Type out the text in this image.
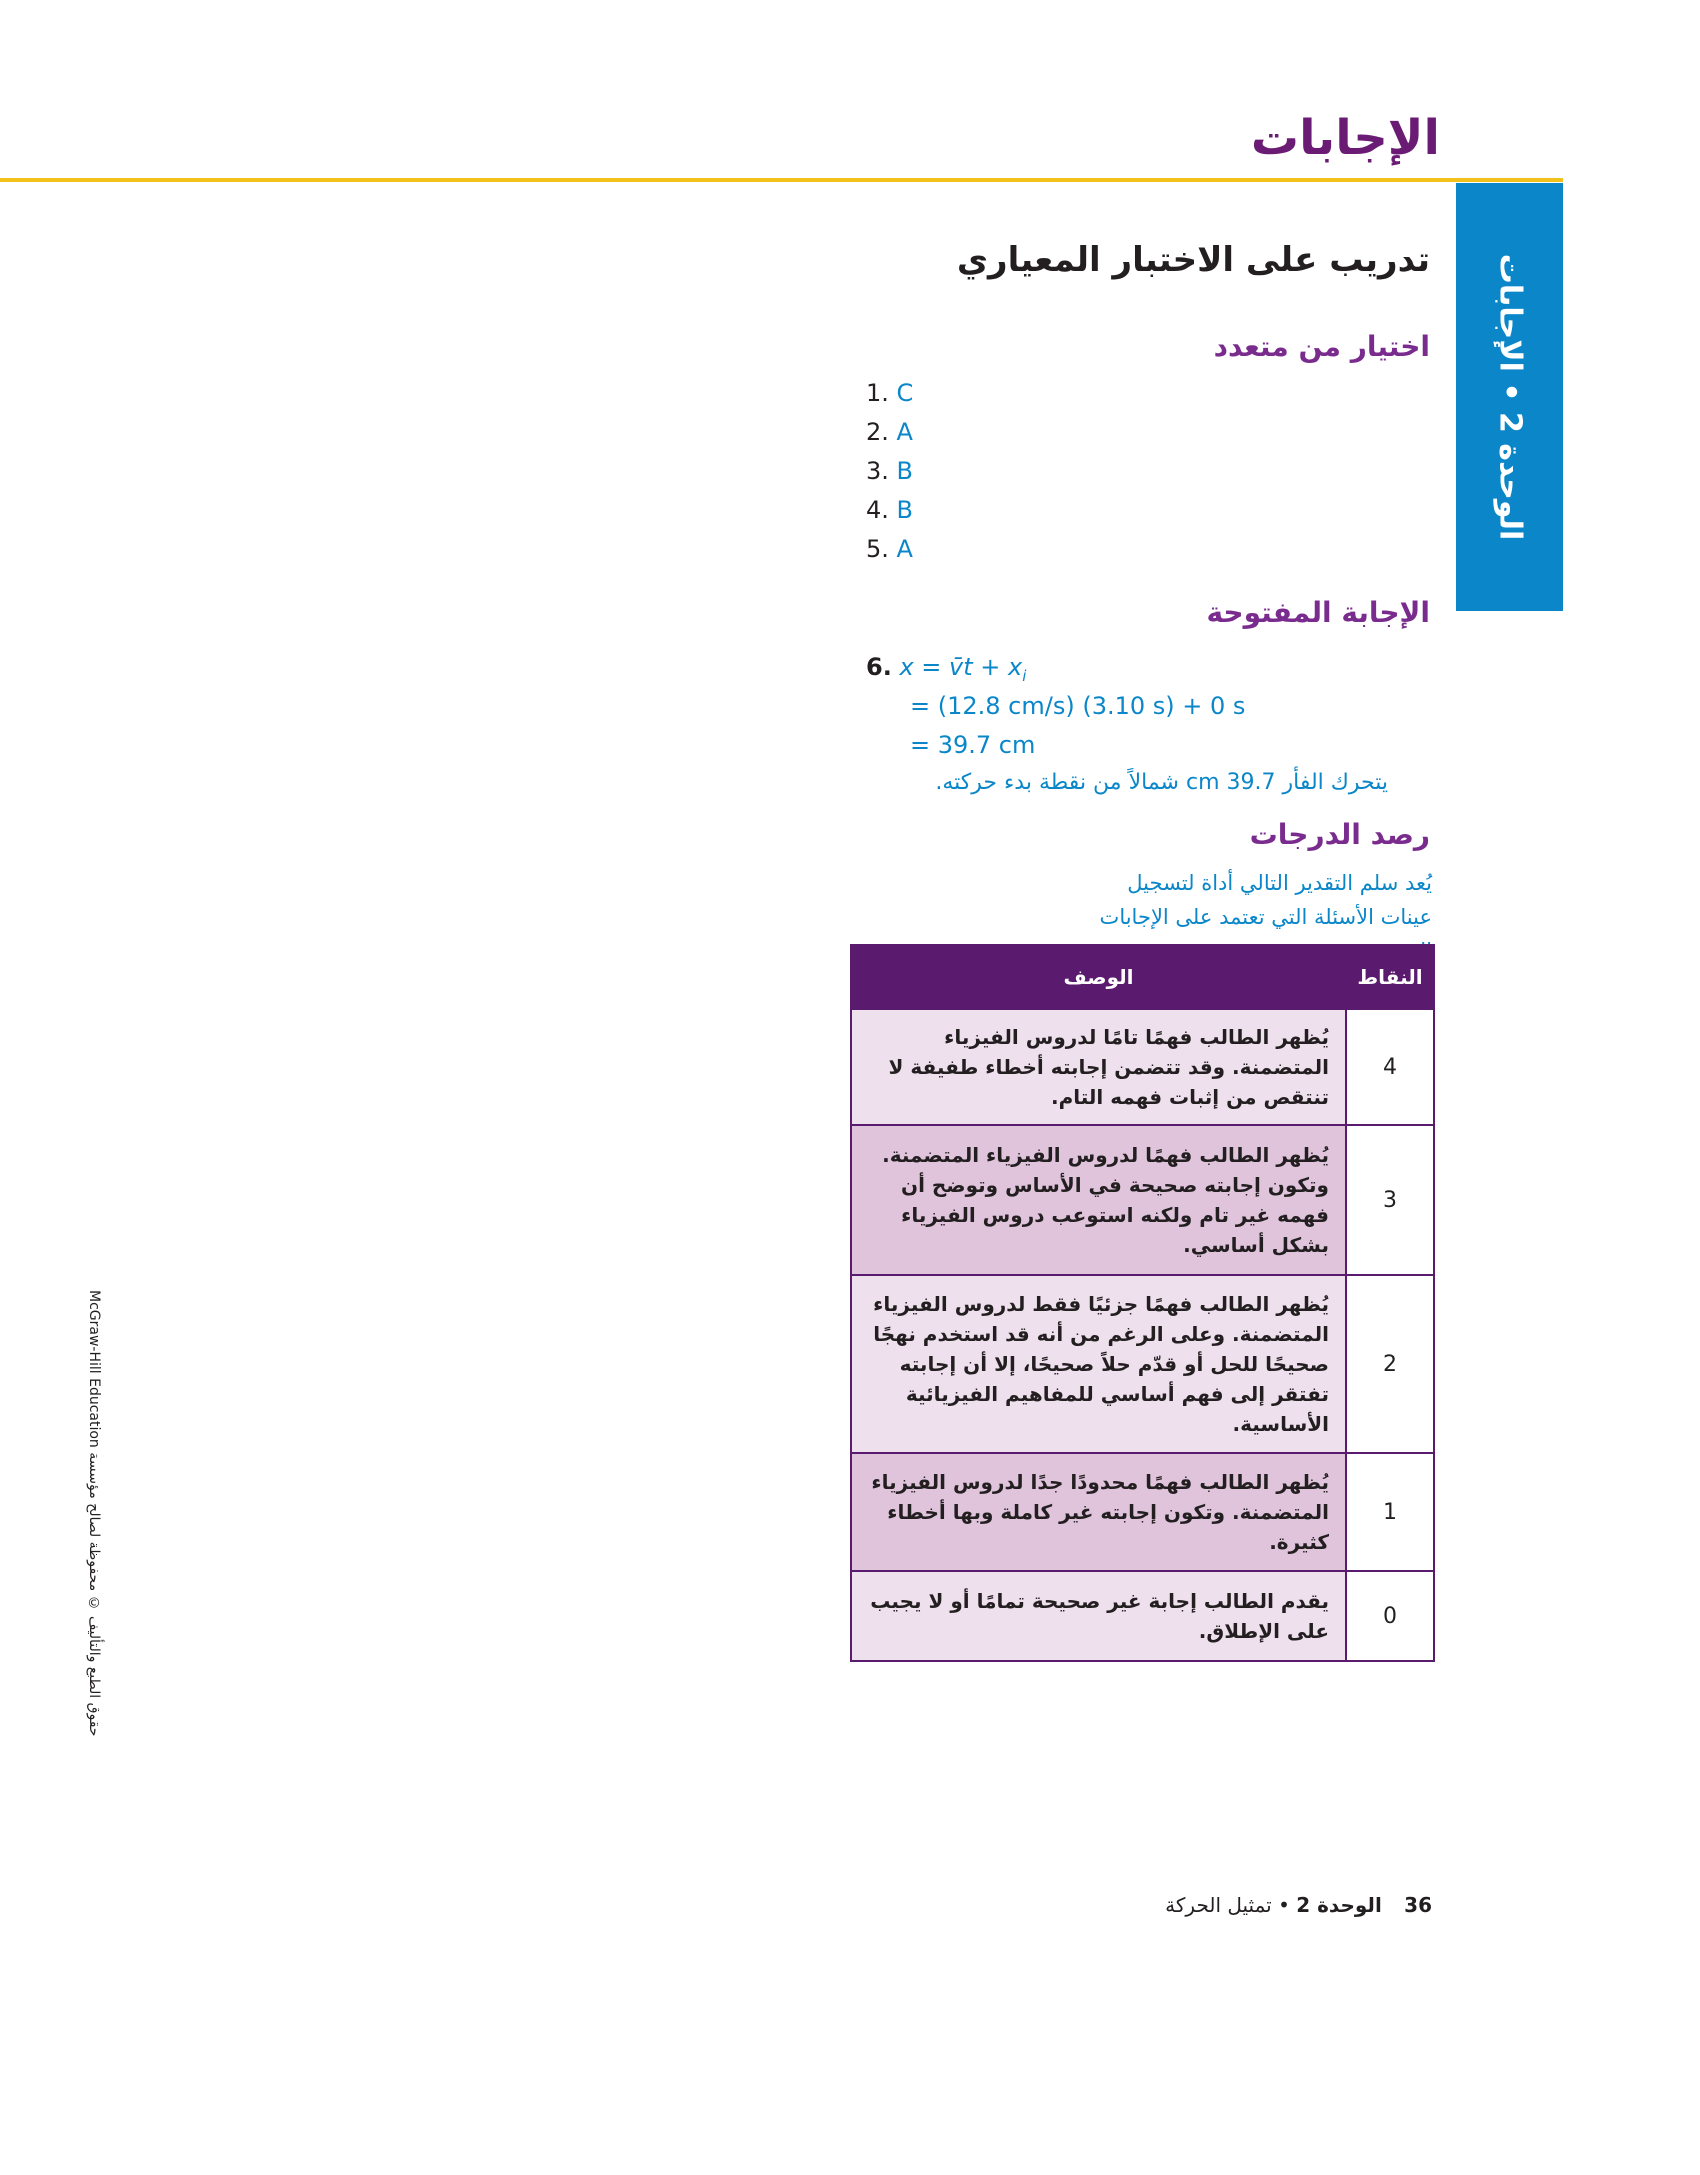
الإجابات
الوحدة 2 • الإجابات
تدريب على الاختبار المعياري
اختيار من متعدد
1. C
2. A
3. B
4. B
5. A
الإجابة المفتوحة
6. x = v̄t + $x_i$
= (12.8 cm/s) (3.10 s) + 0 s
= 39.7 cm
يتحرك الفأر 39.7 cm شمالاً من نقطة بدء حركته.
رصد الدرجات

يُعد سلم التقدير التالي أداة لتسجيل عينات الأسئلة التي تعتمد على الإجابات

النقاط	الوصف
4	يُظهر الطالب فهمًا تامًا لدروس الفيزياء المتضمنة. وقد تتضمن إجابته أخطاء طفيفة لا تنتقص من إثبات فهمه التام.
3	يُظهر الطالب فهمًا لدروس الفيزياء المتضمنة. وتكون إجابته صحيحة في الأساس وتوضح أن فهمه غير تام ولكنه استوعب دروس الفيزياء بشكل أساسي.
2	يُظهر الطالب فهمًا جزئيًا فقط لدروس الفيزياء المتضمنة. وعلى الرغم من أنه قد استخدم نهجًا صحيحًا للحل أو قدّم حلاً صحيحًا، إلا أن إجابته تفتقر إلى فهم أساسي للمفاهيم الفيزيائية الأساسية.
1	يُظهر الطالب فهمًا محدودًا جدًا لدروس الفيزياء المتضمنة. وتكون إجابته غير كاملة وبها أخطاء كثيرة.
0	يقدم الطالب إجابة غير صحيحة تمامًا أو لا يجيب على الإطلاق.
حقوق الطبع والتأليف © محفوظة لصالح مؤسسة McGraw-Hill Education
36 الوحدة 2 • تمثيل الحركة
